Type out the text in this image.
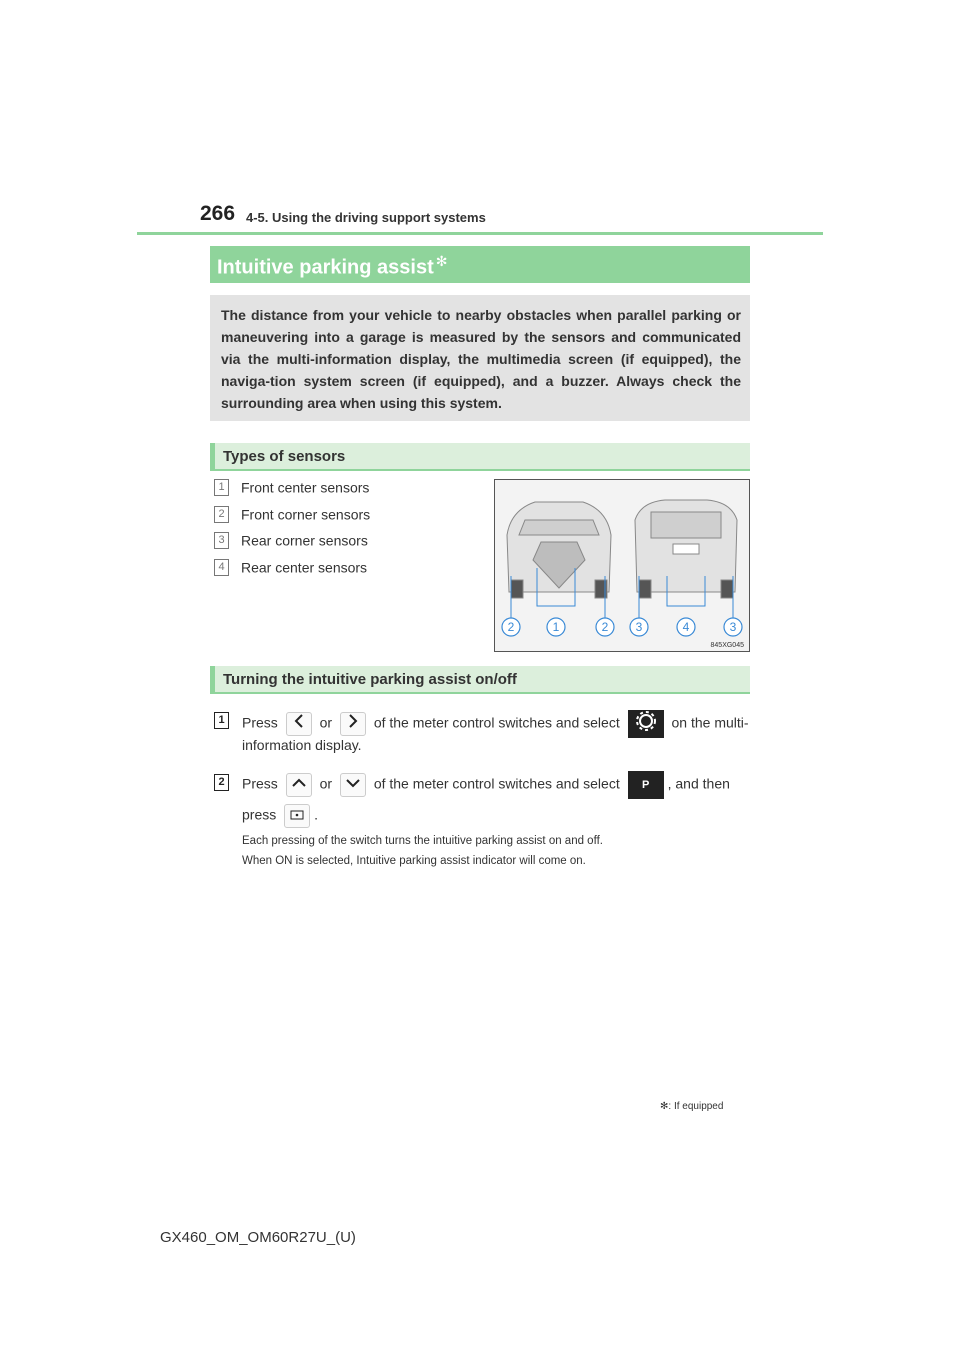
266 4-5. Using the driving support systems
Intuitive parking assist ✻
The distance from your vehicle to nearby obstacles when parallel parking or maneuvering into a garage is measured by the sensors and communicated via the multi-information display, the multimedia screen (if equipped), the naviga-tion system screen (if equipped), and a buzzer. Always check the surrounding area when using this system.
Types of sensors
1 Front center sensors
2 Front corner sensors
3 Rear corner sensors
4 Rear center sensors
2	1	2 3	4	3
845XG045
Turning the intuitive parking assist on/off
1	Press	or	of the meter control switches and select	on the multi-
information display.
2	Press	or	of the meter control switches and select P , and then
press	.
Each pressing of the switch turns the intuitive parking assist on and off.
When ON is selected, Intuitive parking assist indicator will come on.
✻: If equipped
GX460_OM_OM60R27U_(U)
